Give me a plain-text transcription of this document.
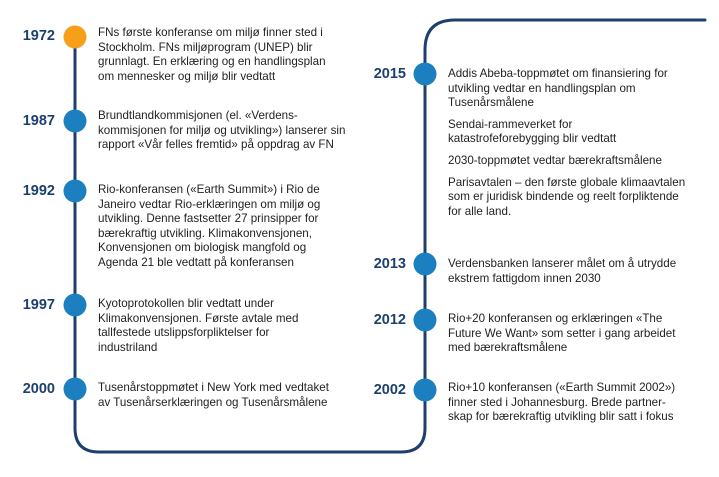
1972
1987
1992
1997
2000
FNs første konferanse om miljø finner sted i
Stockholm. FNs miljøprogram (UNEP) blir
grunnlagt. En erklæring og en handlingsplan
om mennesker og miljø blir vedtatt
Brundtlandkommisjonen (el. «Verdens-
kommisjonen for miljø og utvikling») lanserer sin
rapport «Vår felles fremtid» på oppdrag av FN
Rio-konferansen («Earth Summit») i Rio de
Janeiro vedtar Rio-erklæringen om miljø og
utvikling. Denne fastsetter 27 prinsipper for
bærekraftig utvikling. Klimakonvensjonen,
Konvensjonen om biologisk mangfold og
Agenda 21 ble vedtatt på konferansen
Kyotoprotokollen blir vedtatt under
Klimakonvensjonen. Første avtale med
tallfestede utslippsforpliktelser for
industriland
Tusenårstoppmøtet i New York med vedtaket
av Tusenårserklæringen og Tusenårsmålene
2015
2013
2012
2002

Addis Abeba-toppmøtet om finansiering for
utvikling vedtar en handlingsplan om
Tusenårsmålene

Sendai-rammeverket for
katastrofeforebygging blir vedtatt

2030-toppmøtet vedtar bærekraftsmålene

Parisavtalen – den første globale klimaavtalen
som er juridisk bindende og reelt forpliktende
for alle land.

Verdensbanken lanserer målet om å utrydde
ekstrem fattigdom innen 2030
Rio+20 konferansen og erklæringen «The
Future We Want» som setter i gang arbeidet
med bærekraftsmålene
Rio+10 konferansen («Earth Summit 2002»)
finner sted i Johannesburg. Brede partner-
skap for bærekraftig utvikling blir satt i fokus
